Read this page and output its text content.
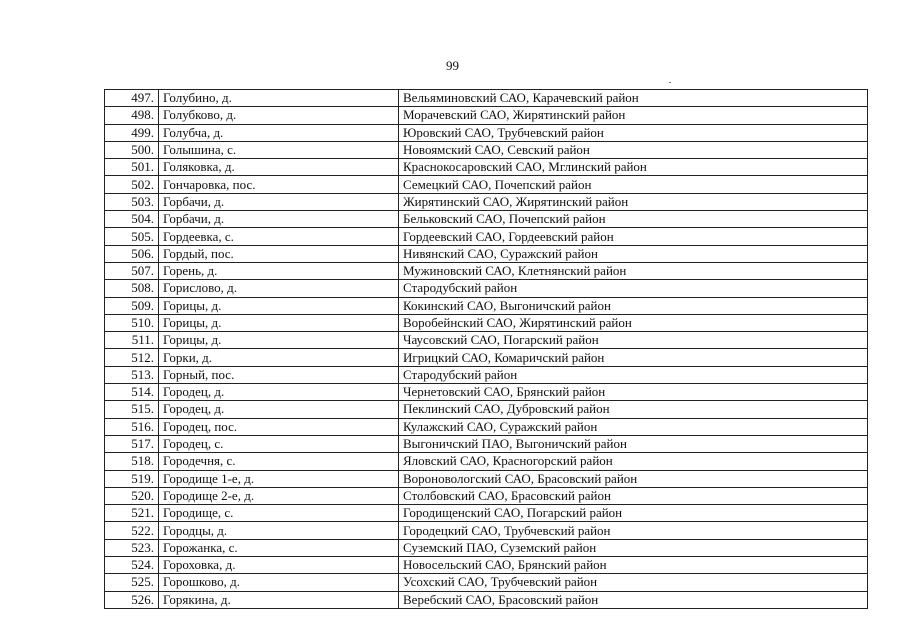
99
497.	Голубино, д.	Вельяминовский САО, Карачевский район
498.	Голубково, д.	Морачевский САО, Жирятинский район
499.	Голубча, д.	Юровский САО, Трубчевский район
500.	Голышина, с.	Новоямский САО, Севский район
501.	Голяковка, д.	Краснокосаровский САО, Мглинский район
502.	Гончаровка, пос.	Семецкий САО, Почепский район
503.	Горбачи, д.	Жирятинский САО, Жирятинский район
504.	Горбачи, д.	Бельковский САО, Почепский район
505.	Гордеевка, с.	Гордеевский САО, Гордеевский район
506.	Гордый, пос.	Нивянский САО, Суражский район
507.	Горень, д.	Мужиновский САО, Клетнянский район
508.	Горислово, д.	Стародубский район
509.	Горицы, д.	Кокинский САО, Выгоничский район
510.	Горицы, д.	Воробейнский САО, Жирятинский район
511.	Горицы, д.	Чаусовский САО, Погарский район
512.	Горки, д.	Игрицкий САО, Комаричский район
513.	Горный, пос.	Стародубский район
514.	Городец, д.	Чернетовский САО, Брянский район
515.	Городец, д.	Пеклинский САО, Дубровский район
516.	Городец, пос.	Кулажский САО, Суражский район
517.	Городец, с.	Выгоничский ПАО, Выгоничский район
518.	Городечня, с.	Яловский САО, Красногорский район
519.	Городище 1-е, д.	Вороновологский САО, Брасовский район
520.	Городище 2-е, д.	Столбовский САО, Брасовский район
521.	Городище, с.	Городищенский САО, Погарский район
522.	Городцы, д.	Городецкий САО, Трубчевский район
523.	Горожанка, с.	Суземский ПАО, Суземский район
524.	Гороховка, д.	Новосельский САО, Брянский район
525.	Горошково, д.	Усохский САО, Трубчевский район
526.	Горякина, д.	Веребский САО, Брасовский район
